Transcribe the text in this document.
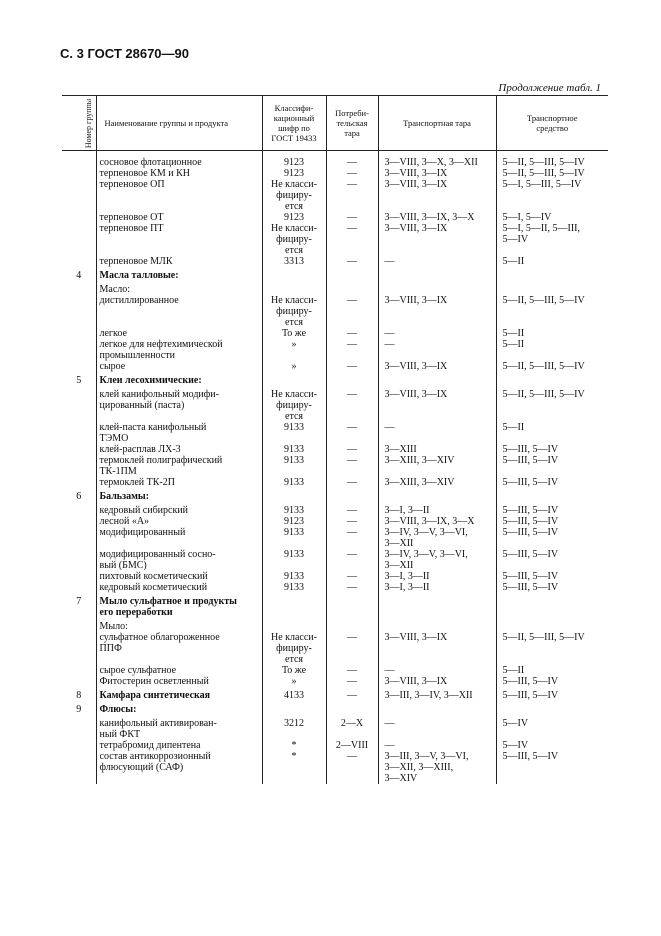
С. 3 ГОСТ 28670—90
Продолжение табл. 1
Номер группы	Наименование группы и продукта	Классифи-
кационный
шифр по
ГОСТ 19433	Потреби-
тельская
тара	Транспортная тара	Транспортное
средство
	сосновое флотационное	9123	—	3—VIII, 3—X, 3—XII	5—II, 5—III, 5—IV
	терпеновое КМ и КН	9123	—	3—VIII, 3—IX	5—II, 5—III, 5—IV
	терпеновое ОП	Не класси-
фициру-
ется	—	3—VIII, 3—IX	5—I, 5—III, 5—IV
	терпеновое ОТ	9123	—	3—VIII, 3—IX, 3—X	5—I, 5—IV
	терпеновое ПТ	Не класси-
фициру-
ется	—	3—VIII, 3—IX	5—I, 5—II, 5—III,
5—IV
	терпеновое МЛК	3313	—	—	5—II
4	Масла талловые:				
	Масло:				
	дистиллированное	Не класси-
фициру-
ется	—	3—VIII, 3—IX	5—II, 5—III, 5—IV
	легкое	То же	—	—	5—II
	легкое для нефтехимической
промышленности	»	—	—	5—II
	сырое	»	—	3—VIII, 3—IX	5—II, 5—III, 5—IV
5	Клеи лесохимические:				
	клей канифольный модифи-
цированный (паста)	Не класси-
фициру-
ется	—	3—VIII, 3—IX	5—II, 5—III, 5—IV
	клей-паста канифольный
ТЭМО	9133	—	—	5—II
	клей-расплав ЛХ-3	9133	—	3—XIII	5—III, 5—IV
	термоклей полиграфический
ТК-1ПМ	9133	—	3—XIII, 3—XIV	5—III, 5—IV
	термоклей ТК-2П	9133	—	3—XIII, 3—XIV	5—III, 5—IV
6	Бальзамы:				
	кедровый сибирский	9133	—	3—I, 3—II	5—III, 5—IV
	лесной «А»	9123	—	3—VIII, 3—IX, 3—X	5—III, 5—IV
	модифицированный	9133	—	3—IV, 3—V, 3—VI,
3—XII	5—III, 5—IV
	модифицированный сосно-
вый (БМС)	9133	—	3—IV, 3—V, 3—VI,
3—XII	5—III, 5—IV
	пихтовый косметический	9133	—	3—I, 3—II	5—III, 5—IV
	кедровый косметический	9133	—	3—I, 3—II	5—III, 5—IV
7	Мыло сульфатное и продукты
его переработки				
	Мыло:				
	сульфатное облагороженное
ППФ	Не класси-
фициру-
ется	—	3—VIII, 3—IX	5—II, 5—III, 5—IV
	сырое сульфатное	То же	—	—	5—II
	Фитостерин осветленный	»	—	3—VIII, 3—IX	5—III, 5—IV
8	Камфара синтетическая	4133	—	3—III, 3—IV, 3—XII	5—III, 5—IV
9	Флюсы:				
	канифольный активирован-
ный ФКТ	3212	2—X	—	5—IV
	тетрабромид дипентена	*	2—VIII	—	5—IV
	состав антикоррозионный
флюсующий (САФ)	*	—	3—III, 3—V, 3—VI,
3—XII, 3—XIII,
3—XIV	5—III, 5—IV
